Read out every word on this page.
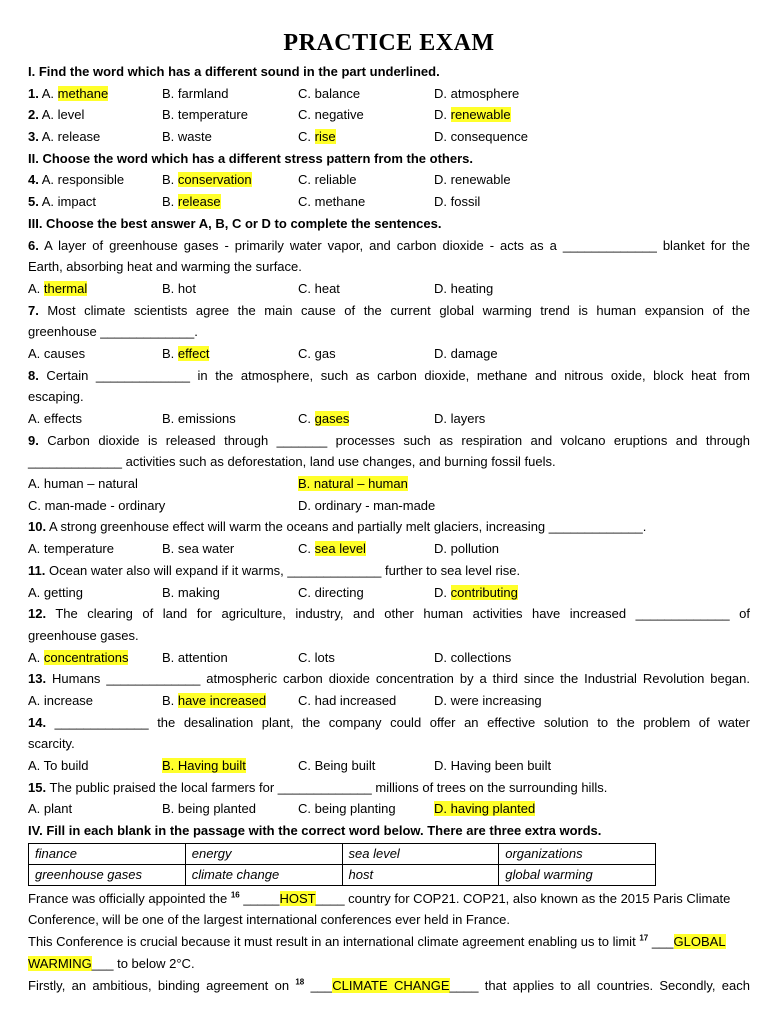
PRACTICE EXAM
I. Find the word which has a different sound in the part underlined.
1. A. methane	B. farmland	C. balance	D. atmosphere
2. A. level	B. temperature	C. negative	D. renewable
3. A. release	B. waste	C. rise	D. consequence
II. Choose the word which has a different stress pattern from the others.
4. A. responsible	B. conservation	C. reliable	D. renewable
5. A. impact	B. release	C. methane	D. fossil
III. Choose the best answer A, B, C or D to complete the sentences.
6. A layer of greenhouse gases - primarily water vapor, and carbon dioxide - acts as a _____________ blanket for the
Earth, absorbing heat and warming the surface.
A. thermal	B. hot	C. heat	D. heating
7. Most climate scientists agree the main cause of the current global warming trend is human expansion of the
greenhouse _____________.
A. causes	B. effect	C. gas	D. damage
8. Certain _____________ in the atmosphere, such as carbon dioxide, methane and nitrous oxide, block heat from
escaping.
A. effects	B. emissions	C. gases	D. layers
9. Carbon dioxide is released through _______ processes such as respiration and volcano eruptions and through
_____________ activities such as deforestation, land use changes, and burning fossil fuels.
A. human – natural	B. natural – human
C. man-made - ordinary	D. ordinary - man-made
10. A strong greenhouse effect will warm the oceans and partially melt glaciers, increasing _____________.
A. temperature	B. sea water	C. sea level	D. pollution
11. Ocean water also will expand if it warms, _____________ further to sea level rise.
A. getting	B. making	C. directing	D. contributing
12. The clearing of land for agriculture, industry, and other human activities have increased _____________ of
greenhouse gases.
A. concentrations	B. attention	C. lots	D. collections
13. Humans _____________ atmospheric carbon dioxide concentration by a third since the Industrial Revolution began.
A. increase	B. have increased C. had increased	D. were increasing
14. _____________ the desalination plant, the company could offer an effective solution to the problem of water
scarcity.
A. To build	B. Having built	C. Being built	D. Having been built
15. The public praised the local farmers for _____________ millions of trees on the surrounding hills.
A. plant	B. being planted	C. being planting	D. having planted
IV. Fill in each blank in the passage with the correct word below. There are three extra words.
finance	energy	sea level	organizations
greenhouse gases	climate change	host	global warming
France was officially appointed the $^{16}$ _____HOST____ country for COP21. COP21, also known as the 2015 Paris Climate
Conference, will be one of the largest international conferences ever held in France.
This Conference is crucial because it must result in an international climate agreement enabling us to limit $^{17}$ ___GLOBAL
WARMING___ to below 2°C.
Firstly, an ambitious, binding agreement on $^{18}$ ___CLIMATE CHANGE____ that applies to all countries. Secondly, each
